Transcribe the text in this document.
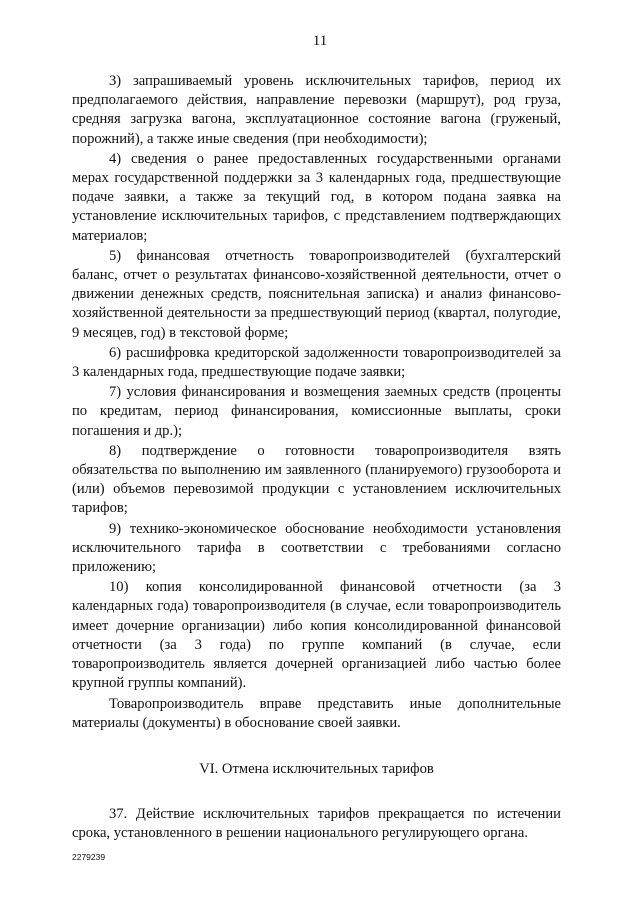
11

3) запрашиваемый уровень исключительных тарифов, период их предполагаемого действия, направление перевозки (маршрут), род груза, средняя загрузка вагона, эксплуатационное состояние вагона (груженый, порожний), а также иные сведения (при необходимости);

4) сведения о ранее предоставленных государственными органами мерах государственной поддержки за 3 календарных года, предшествующие подаче заявки, а также за текущий год, в котором подана заявка на установление исключительных тарифов, с представлением подтверждающих материалов;

5) финансовая отчетность товаропроизводителей (бухгалтерский баланс, отчет о результатах финансово-хозяйственной деятельности, отчет о движении денежных средств, пояснительная записка) и анализ финансово-хозяйственной деятельности за предшествующий период (квартал, полугодие, 9 месяцев, год) в текстовой форме;

6) расшифровка кредиторской задолженности товаропроизводителей за 3 календарных года, предшествующие подаче заявки;

7) условия финансирования и возмещения заемных средств (проценты по кредитам, период финансирования, комиссионные выплаты, сроки погашения и др.);

8) подтверждение о готовности товаропроизводителя взять обязательства по выполнению им заявленного (планируемого) грузооборота и (или) объемов перевозимой продукции с установлением исключительных тарифов;

9) технико-экономическое обоснование необходимости установления исключительного тарифа в соответствии с требованиями согласно приложению;

10) копия консолидированной финансовой отчетности (за 3 календарных года) товаропроизводителя (в случае, если товаропроизводитель имеет дочерние организации) либо копия консолидированной финансовой отчетности (за 3 года) по группе компаний (в случае, если товаропроизводитель является дочерней организацией либо частью более крупной группы компаний).

Товаропроизводитель вправе представить иные дополнительные материалы (документы) в обоснование своей заявки.

VI. Отмена исключительных тарифов

37. Действие исключительных тарифов прекращается по истечении срока, установленного в решении национального регулирующего органа.

2279239
